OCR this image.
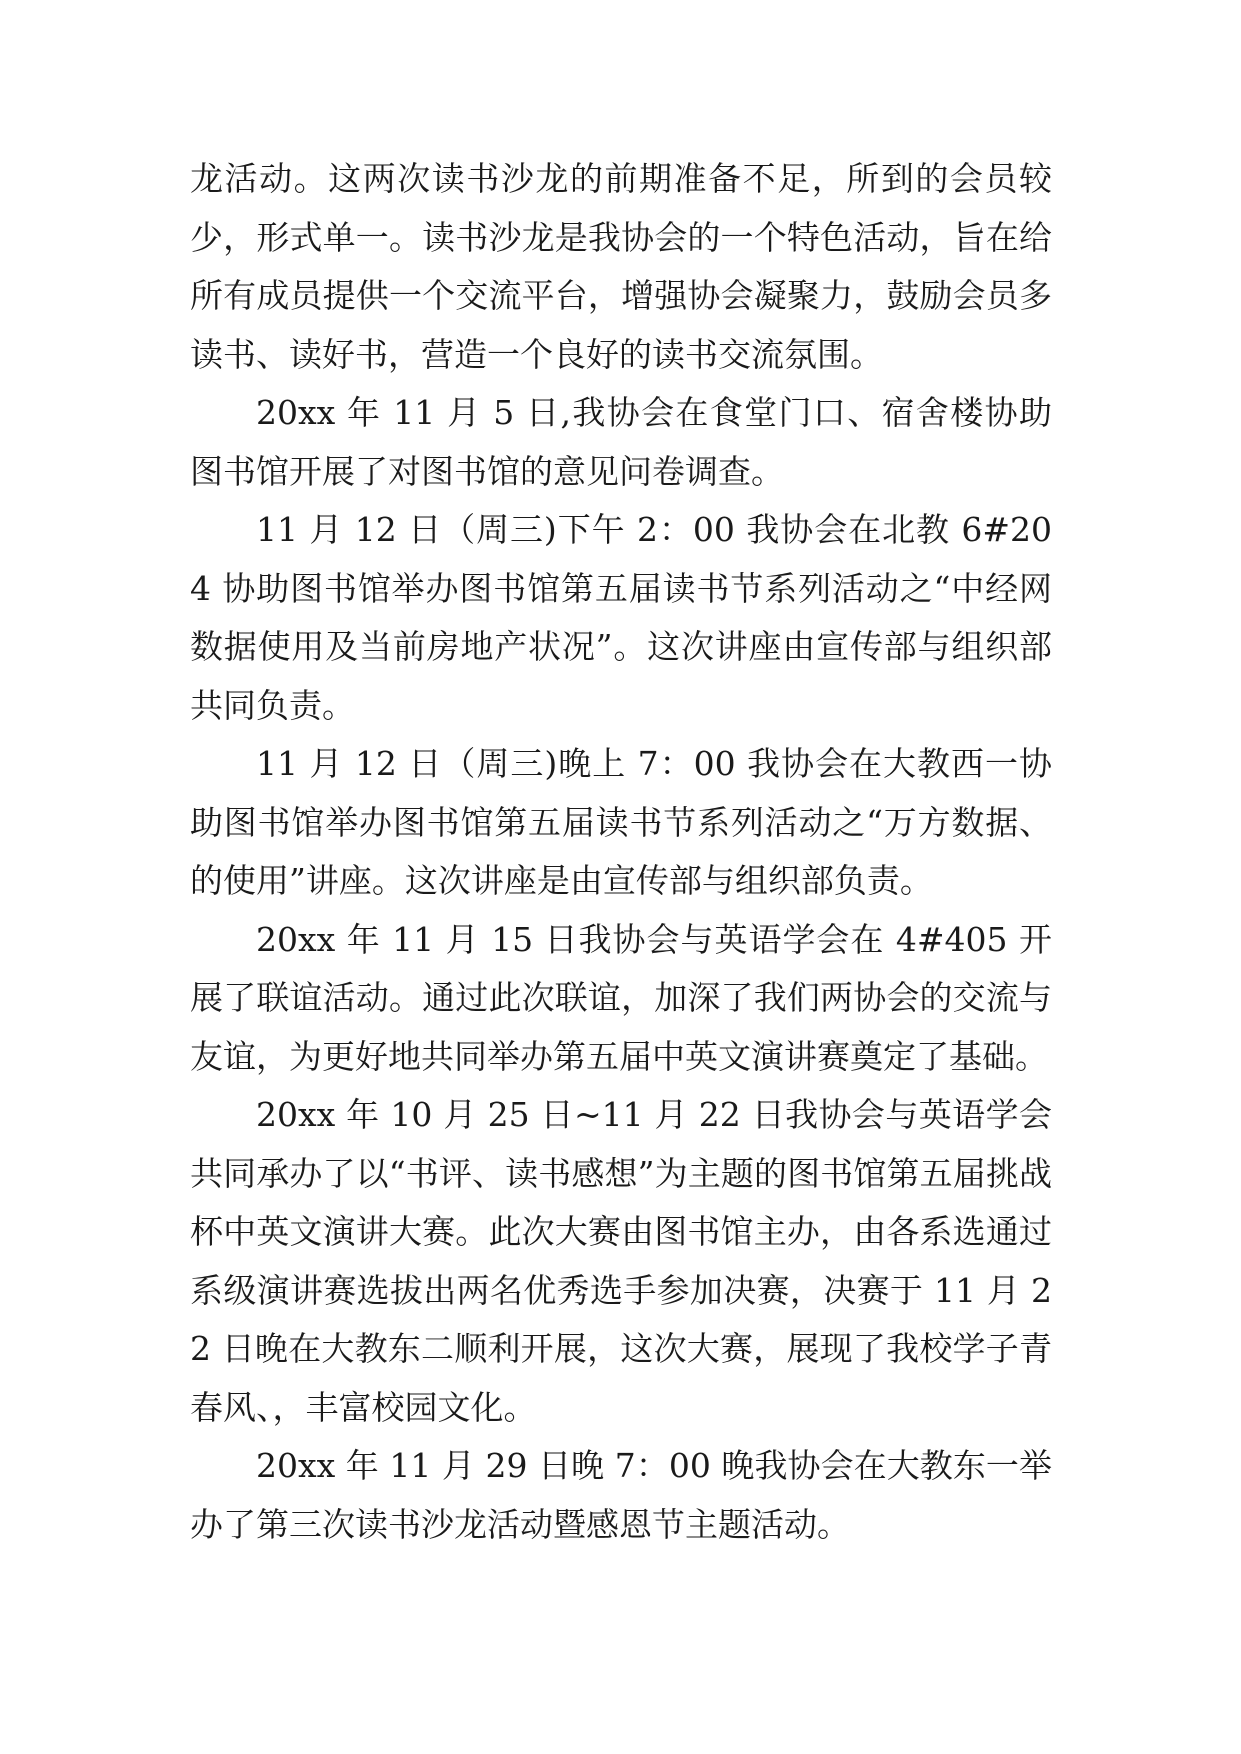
龙活动。这两次读书沙龙的前期准备不足，所到的会员较少，形式单一。读书沙龙是我协会的一个特色活动，旨在给所有成员提供一个交流平台，增强协会凝聚力，鼓励会员多读书、读好书，营造一个良好的读书交流氛围。

20xx 年 11 月 5 日,我协会在食堂门口、宿舍楼协助图书馆开展了对图书馆的意见问卷调查。

11 月 12 日（周三)下午 2：00 我协会在北教 6#204 协助图书馆举办图书馆第五届读书节系列活动之“中经网数据使用及当前房地产状况”。这次讲座由宣传部与组织部共同负责。

11 月 12 日（周三)晚上 7：00 我协会在大教西一协助图书馆举办图书馆第五届读书节系列活动之“万方数据、的使用”讲座。这次讲座是由宣传部与组织部负责。

20xx 年 11 月 15 日我协会与英语学会在 4#405 开展了联谊活动。通过此次联谊，加深了我们两协会的交流与友谊，为更好地共同举办第五届中英文演讲赛奠定了基础。

20xx 年 10 月 25 日~11 月 22 日我协会与英语学会共同承办了以“书评、读书感想”为主题的图书馆第五届挑战杯中英文演讲大赛。此次大赛由图书馆主办，由各系选通过系级演讲赛选拔出两名优秀选手参加决赛，决赛于 11 月 22 日晚在大教东二顺利开展，这次大赛，展现了我校学子青春风、，丰富校园文化。

20xx 年 11 月 29 日晚 7：00 晚我协会在大教东一举办了第三次读书沙龙活动暨感恩节主题活动。
